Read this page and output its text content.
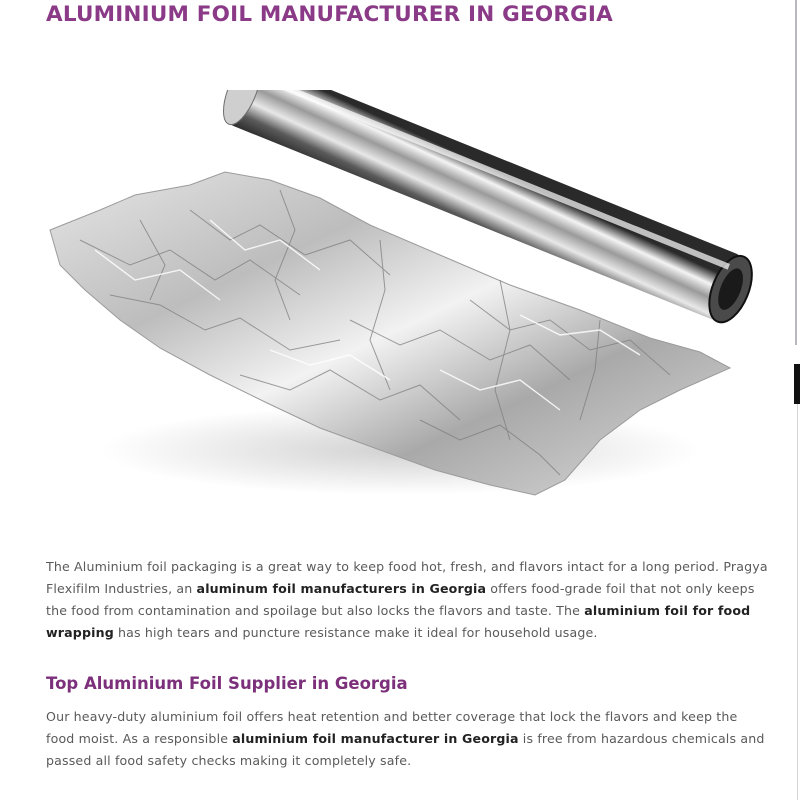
ALUMINIUM FOIL MANUFACTURER IN GEORGIA

The Aluminium foil packaging is a great way to keep food hot, fresh, and flavors intact for a long period. Pragya Flexifilm Industries, an aluminum foil manufacturers in Georgia offers food-grade foil that not only keeps the food from contamination and spoilage but also locks the flavors and taste. The aluminium foil for food wrapping has high tears and puncture resistance make it ideal for household usage.

Top Aluminium Foil Supplier in Georgia

Our heavy-duty aluminium foil offers heat retention and better coverage that lock the flavors and keep the food moist. As a responsible aluminium foil manufacturer in Georgia is free from hazardous chemicals and passed all food safety checks making it completely safe.
